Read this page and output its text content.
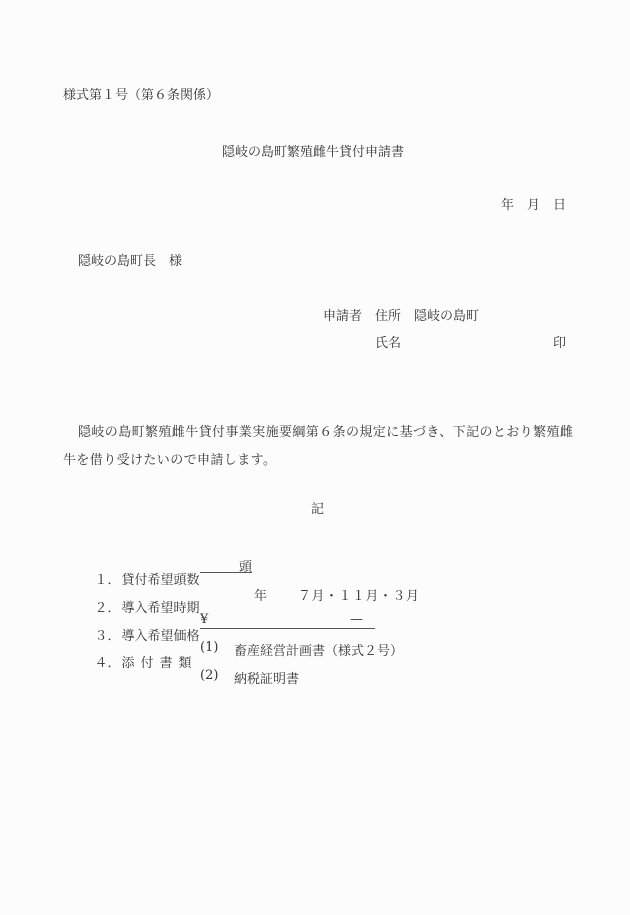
様式第１号（第６条関係）
隠岐の島町繁殖雌牛貸付申請書
年　月　日
隠岐の島町長　様
申請者　住所　隠岐の島町
氏名	印
隠岐の島町繁殖雌牛貸付事業実施要綱第６条の規定に基づき、下記のとおり繁殖雌牛を借り受けたいので申請します。
記

１．貸付希望頭数

頭

２．導入希望時期

年 ７月・１１月・３月

３．導入希望価格

¥	—

４．添付書類

(1) 畜産経営計画書（様式２号）
(2) 納税証明書
